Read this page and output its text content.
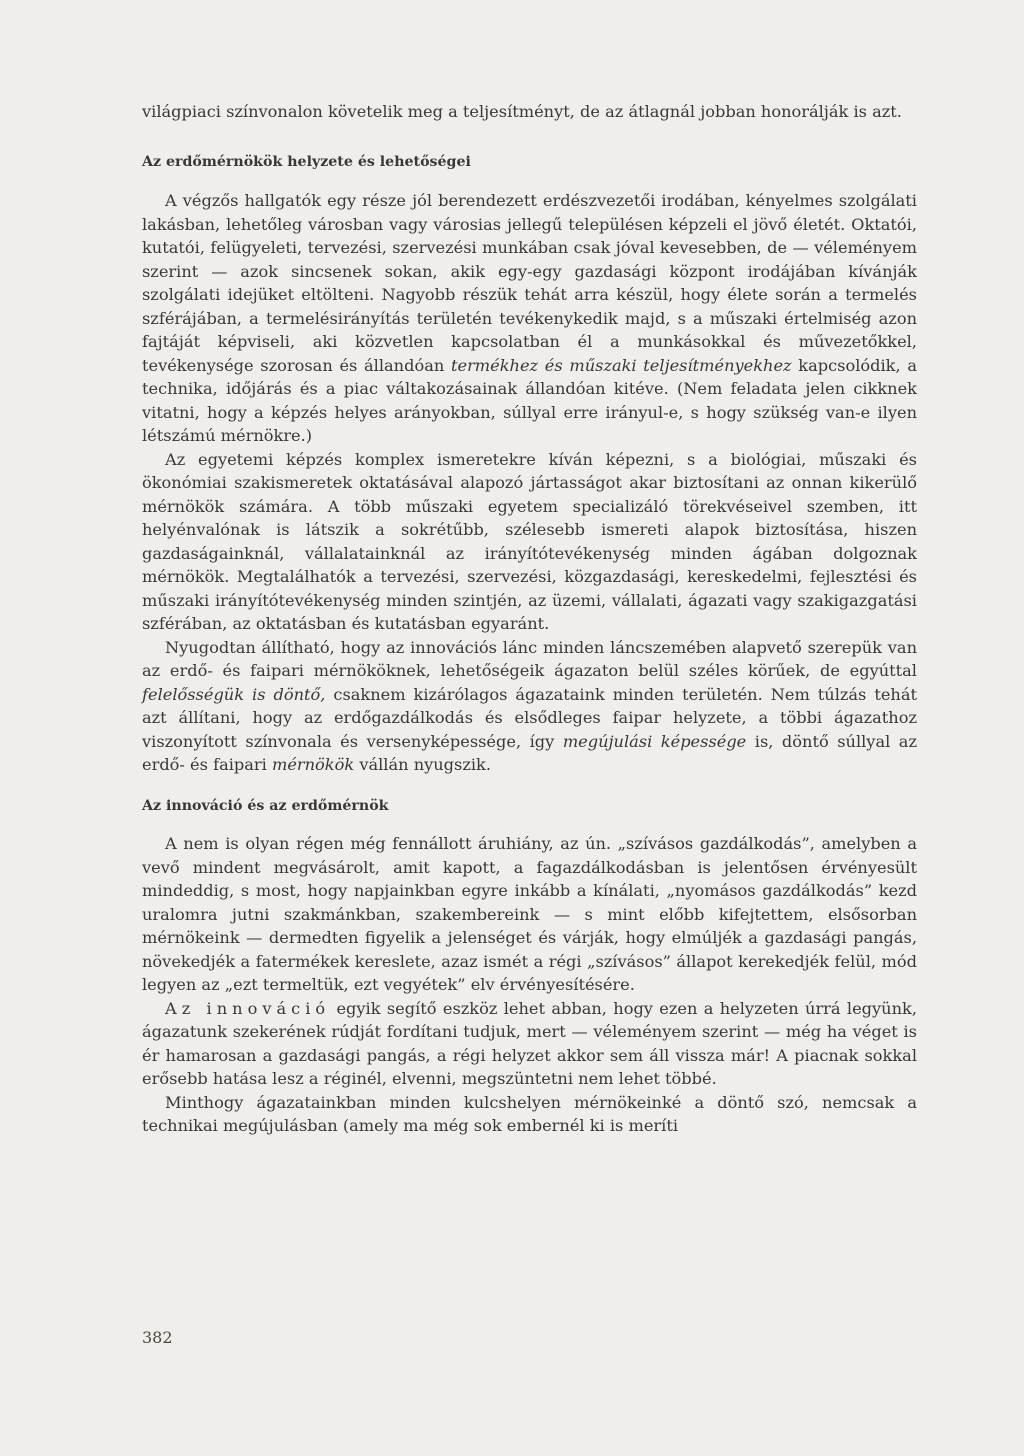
világpiaci színvonalon követelik meg a teljesítményt, de az átlagnál jobban honorálják is azt.

Az erdőmérnökök helyzete és lehetőségei

A végzős hallgatók egy része jól berendezett erdészvezetői irodában, kényelmes szolgálati lakásban, lehetőleg városban vagy városias jellegű településen képzeli el jövő életét. Oktatói, kutatói, felügyeleti, tervezési, szervezési munkában csak jóval kevesebben, de — véleményem szerint — azok sincsenek sokan, akik egy-egy gazdasági központ irodájában kívánják szolgálati idejüket eltölteni. Nagyobb részük tehát arra készül, hogy élete során a termelés szférájában, a termelésirányítás területén tevékenykedik majd, s a műszaki értelmiség azon fajtáját képviseli, aki közvetlen kapcsolatban él a munkásokkal és művezetőkkel, tevékenysége szorosan és állandóan termékhez és műszaki teljesítményekhez kapcsolódik, a technika, időjárás és a piac váltakozásainak állandóan kitéve. (Nem feladata jelen cikknek vitatni, hogy a képzés helyes arányokban, súllyal erre irányul-e, s hogy szükség van-e ilyen létszámú mérnökre.)

Az egyetemi képzés komplex ismeretekre kíván képezni, s a biológiai, műszaki és ökonómiai szakismeretek oktatásával alapozó jártasságot akar biztosítani az onnan kikerülő mérnökök számára. A több műszaki egyetem specializáló törekvéseivel szemben, itt helyénvalónak is látszik a sokrétűbb, szélesebb ismereti alapok biztosítása, hiszen gazdaságainknál, vállalatainknál az irányítótevékenység minden ágában dolgoznak mérnökök. Megtalálhatók a tervezési, szervezési, közgazdasági, kereskedelmi, fejlesztési és műszaki irányítótevékenység minden szintjén, az üzemi, vállalati, ágazati vagy szakigazgatási szférában, az oktatásban és kutatásban egyaránt.

Nyugodtan állítható, hogy az innovációs lánc minden láncszemében alapvető szerepük van az erdő- és faipari mérnököknek, lehetőségeik ágazaton belül széles körűek, de egyúttal felelősségük is döntő, csaknem kizárólagos ágazataink minden területén. Nem túlzás tehát azt állítani, hogy az erdőgazdálkodás és elsődleges faipar helyzete, a többi ágazathoz viszonyított színvonala és versenyképessége, így megújulási képessége is, döntő súllyal az erdő- és faipari mérnökök vállán nyugszik.

Az innováció és az erdőmérnök

A nem is olyan régen még fennállott áruhiány, az ún. „szívásos gazdálkodás”, amelyben a vevő mindent megvásárolt, amit kapott, a fagazdálkodásban is jelentősen érvényesült mindeddig, s most, hogy napjainkban egyre inkább a kínálati, „nyomásos gazdálkodás” kezd uralomra jutni szakmánkban, szakembereink — s mint előbb kifejtettem, elsősorban mérnökeink — dermedten figyelik a jelenséget és várják, hogy elmúljék a gazdasági pangás, növekedjék a fatermékek kereslete, azaz ismét a régi „szívásos” állapot kerekedjék felül, mód legyen az „ezt termeltük, ezt vegyétek” elv érvényesítésére.

Az innováció egyik segítő eszköz lehet abban, hogy ezen a helyzeten úrrá legyünk, ágazatunk szekerének rúdját fordítani tudjuk, mert — véleményem szerint — még ha véget is ér hamarosan a gazdasági pangás, a régi helyzet akkor sem áll vissza már! A piacnak sokkal erősebb hatása lesz a réginél, elvenni, megszüntetni nem lehet többé.

Minthogy ágazatainkban minden kulcshelyen mérnökeinké a döntő szó, nemcsak a technikai megújulásban (amely ma még sok embernél ki is meríti

382
